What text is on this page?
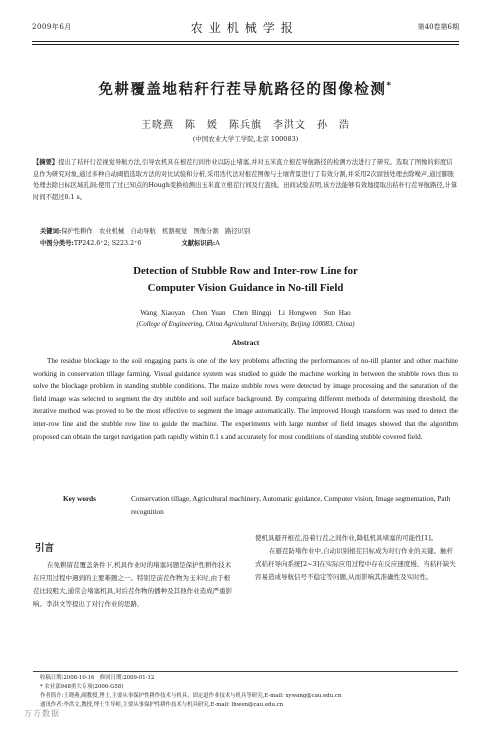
2009年6月	农业机械学报	第40卷第6期
免耕覆盖地秸秆行茬导航路径的图像检测*
王晓燕　陈　媛　陈兵旗　李洪文　孙　浩
(中国农业大学工学院,北京 100083)
【摘要】提出了秸秆行茬视觉导航方法,引导农机具在根茬行间作业以防止堵塞,并对玉米直立根茬导航路径的检测方法进行了研究。选取了图像的彩度信息作为研究对象,通过多种自动阈值选取方法的对比试验和分析,采用迭代法对根茬图像与土壤背景进行了有效分割,并采用2次腐蚀处理去除噪声,通过膨胀处理去除日标区域孔洞;使用了过已知点的Hough变换检测出玉米直立根茬行间及行直线。田间试验表明,该方法能够有效地提取出秸秆行茬导航路径,计算时间不超过0.1 s。
关键词:保护性耕作　农业机械　自动导航　机器视觉　图像分割　路径识别
中图分类号:TP242.6⁺2; S223.2⁺6	文献标识码:A
Detection of Stubble Row and Inter-row Line for
Computer Vision Guidance in No-till Field
Wang Xiaoyan　Chen Yuan　Chen Bingqi　Li Hongwen　Sun Hao
(College of Engineering, China Agricultural University, Beijing 100083, China)
Abstract
The residue blockage to the soil engaging parts is one of the key problems affecting the performances of no-till planter and other machine working in conservation tillage farming. Visual guidance system was studied to guide the machine working in between the stubble rows thus to solve the blockage problem in standing stubble conditions. The maize stubble rows were detected by image processing and the saturation of the field image was selected to segment the dry stubble and soil surface background. By comparing different methods of determining threshold, the iterative method was proved to be the most effective to segment the image automatically. The improved Hough transform was used to detect the inter-row line and the stubble row line to guide the machine. The experiments with large number of field images showed that the algorithm proposed can obtain the target navigation path rapidly within 0.1 s and accurately for most conditions of standing stubble covered field.
Key words	Conservation tillage, Agricultural machinery, Automatic guidance, Computer vision, Image segmentation, Path recognition
引言

在免耕留茬覆盖条件下,机具作业时的堵塞问题是保护性耕作技术在应用过程中遇到的主要难题之一。特别是前茬作物为玉米时,由于根茬比较粗大,通常会堵塞机具,对后茬作物的播种及其他作业造成严重影响。李洪文等提出了对行作业的思路,

使机具避开根茬,沿着行茬之间作业,降低机具堵塞的可能性[1]。

在避茬防堵作业中,自动识别根茬目标成为对行作业的关键。触杆式秸秆导向系统[2~3]在实际应用过程中存在反应速度慢、当秸秆缺失容易造成导航信号不稳定等问题,从而影响其准确性及实时性。

收稿日期:2008-10-16　修回日期:2009-01-12
* 农业部948重大专项(2006-G58)
作者简介:王晓燕,副教授,博士,主要从事保护性耕作技术与机具、固定道作业技术与机具等研究,E-mail: xywang@cau.edu.cn
通讯作者:李洪文,教授,博士生导师,主要从事保护性耕作技术与机具研究,E-mail: lhwen@cau.edu.cn
万方数据
